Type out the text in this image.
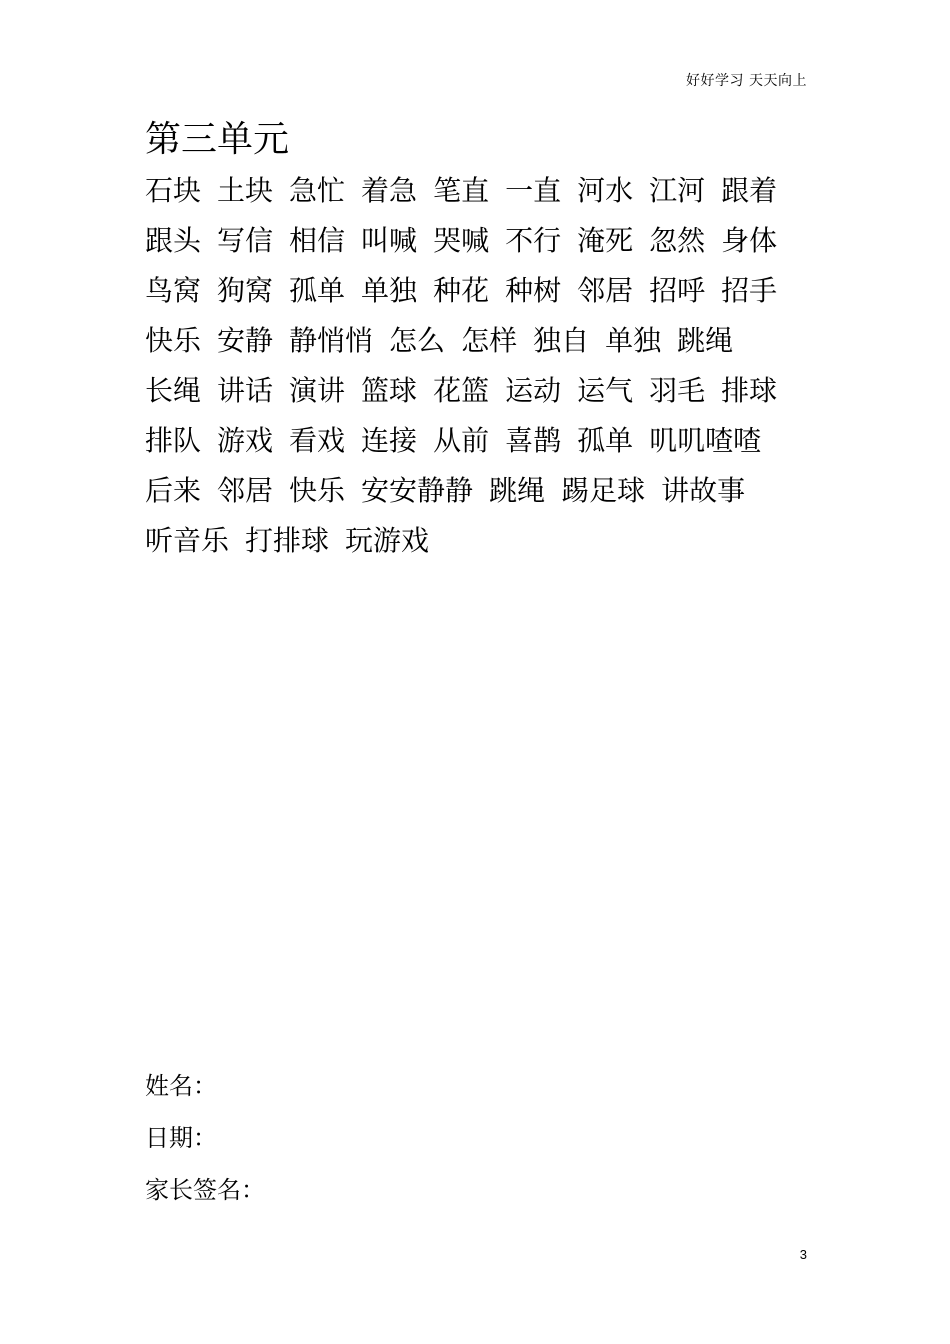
好好学习 天天向上
第三单元
石块 土块 急忙 着急 笔直 一直 河水 江河 跟着
跟头 写信 相信 叫喊 哭喊 不行 淹死 忽然 身体
鸟窝 狗窝 孤单 单独 种花 种树 邻居 招呼 招手
快乐 安静 静悄悄 怎么 怎样 独自 单独 跳绳
长绳 讲话 演讲 篮球 花篮 运动 运气 羽毛 排球
排队 游戏 看戏 连接 从前 喜鹊 孤单 叽叽喳喳
后来 邻居 快乐 安安静静 跳绳 踢足球 讲故事
听音乐 打排球 玩游戏
姓名：
日期：
家长签名：
3
